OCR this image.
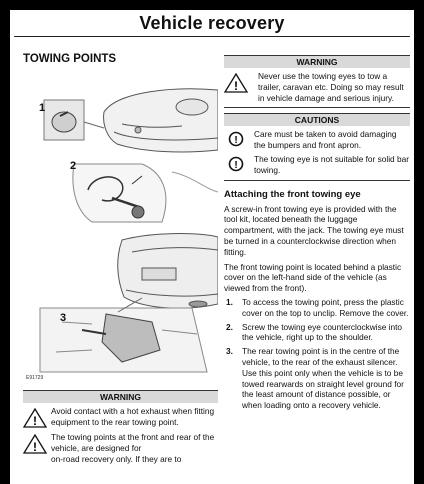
Vehicle recovery
TOWING POINTS
1
2
3
E91729
WARNING
!
Avoid contact with a hot exhaust when fitting equipment to the rear towing point.
!
The towing points at the front and rear of the vehicle, are designed for
on-road recovery only. If they are to
WARNING
!
Never use the towing eyes to tow a trailer, caravan etc. Doing so may result in vehicle damage and serious injury.
CAUTIONS
!
Care must be taken to avoid damaging the bumpers and front apron.
!
The towing eye is not suitable for solid bar towing.
Attaching the front towing eye
A screw-in front towing eye is provided with the tool kit, located beneath the luggage compartment, with the jack. The towing eye must be turned in a counterclockwise direction when fitting.
The front towing point is located behind a plastic cover on the left-hand side of the vehicle (as viewed from the front).
1.	To access the towing point, press the plastic cover on the top to unclip. Remove the cover.
2.	Screw the towing eye counterclockwise into the vehicle, right up to the shoulder.
3.	The rear towing point is in the centre of the vehicle, to the rear of the exhaust silencer. Use this point only when the vehicle is to be towed rearwards on straight level ground for the least amount of distance possible, or when loading onto a recovery vehicle.
